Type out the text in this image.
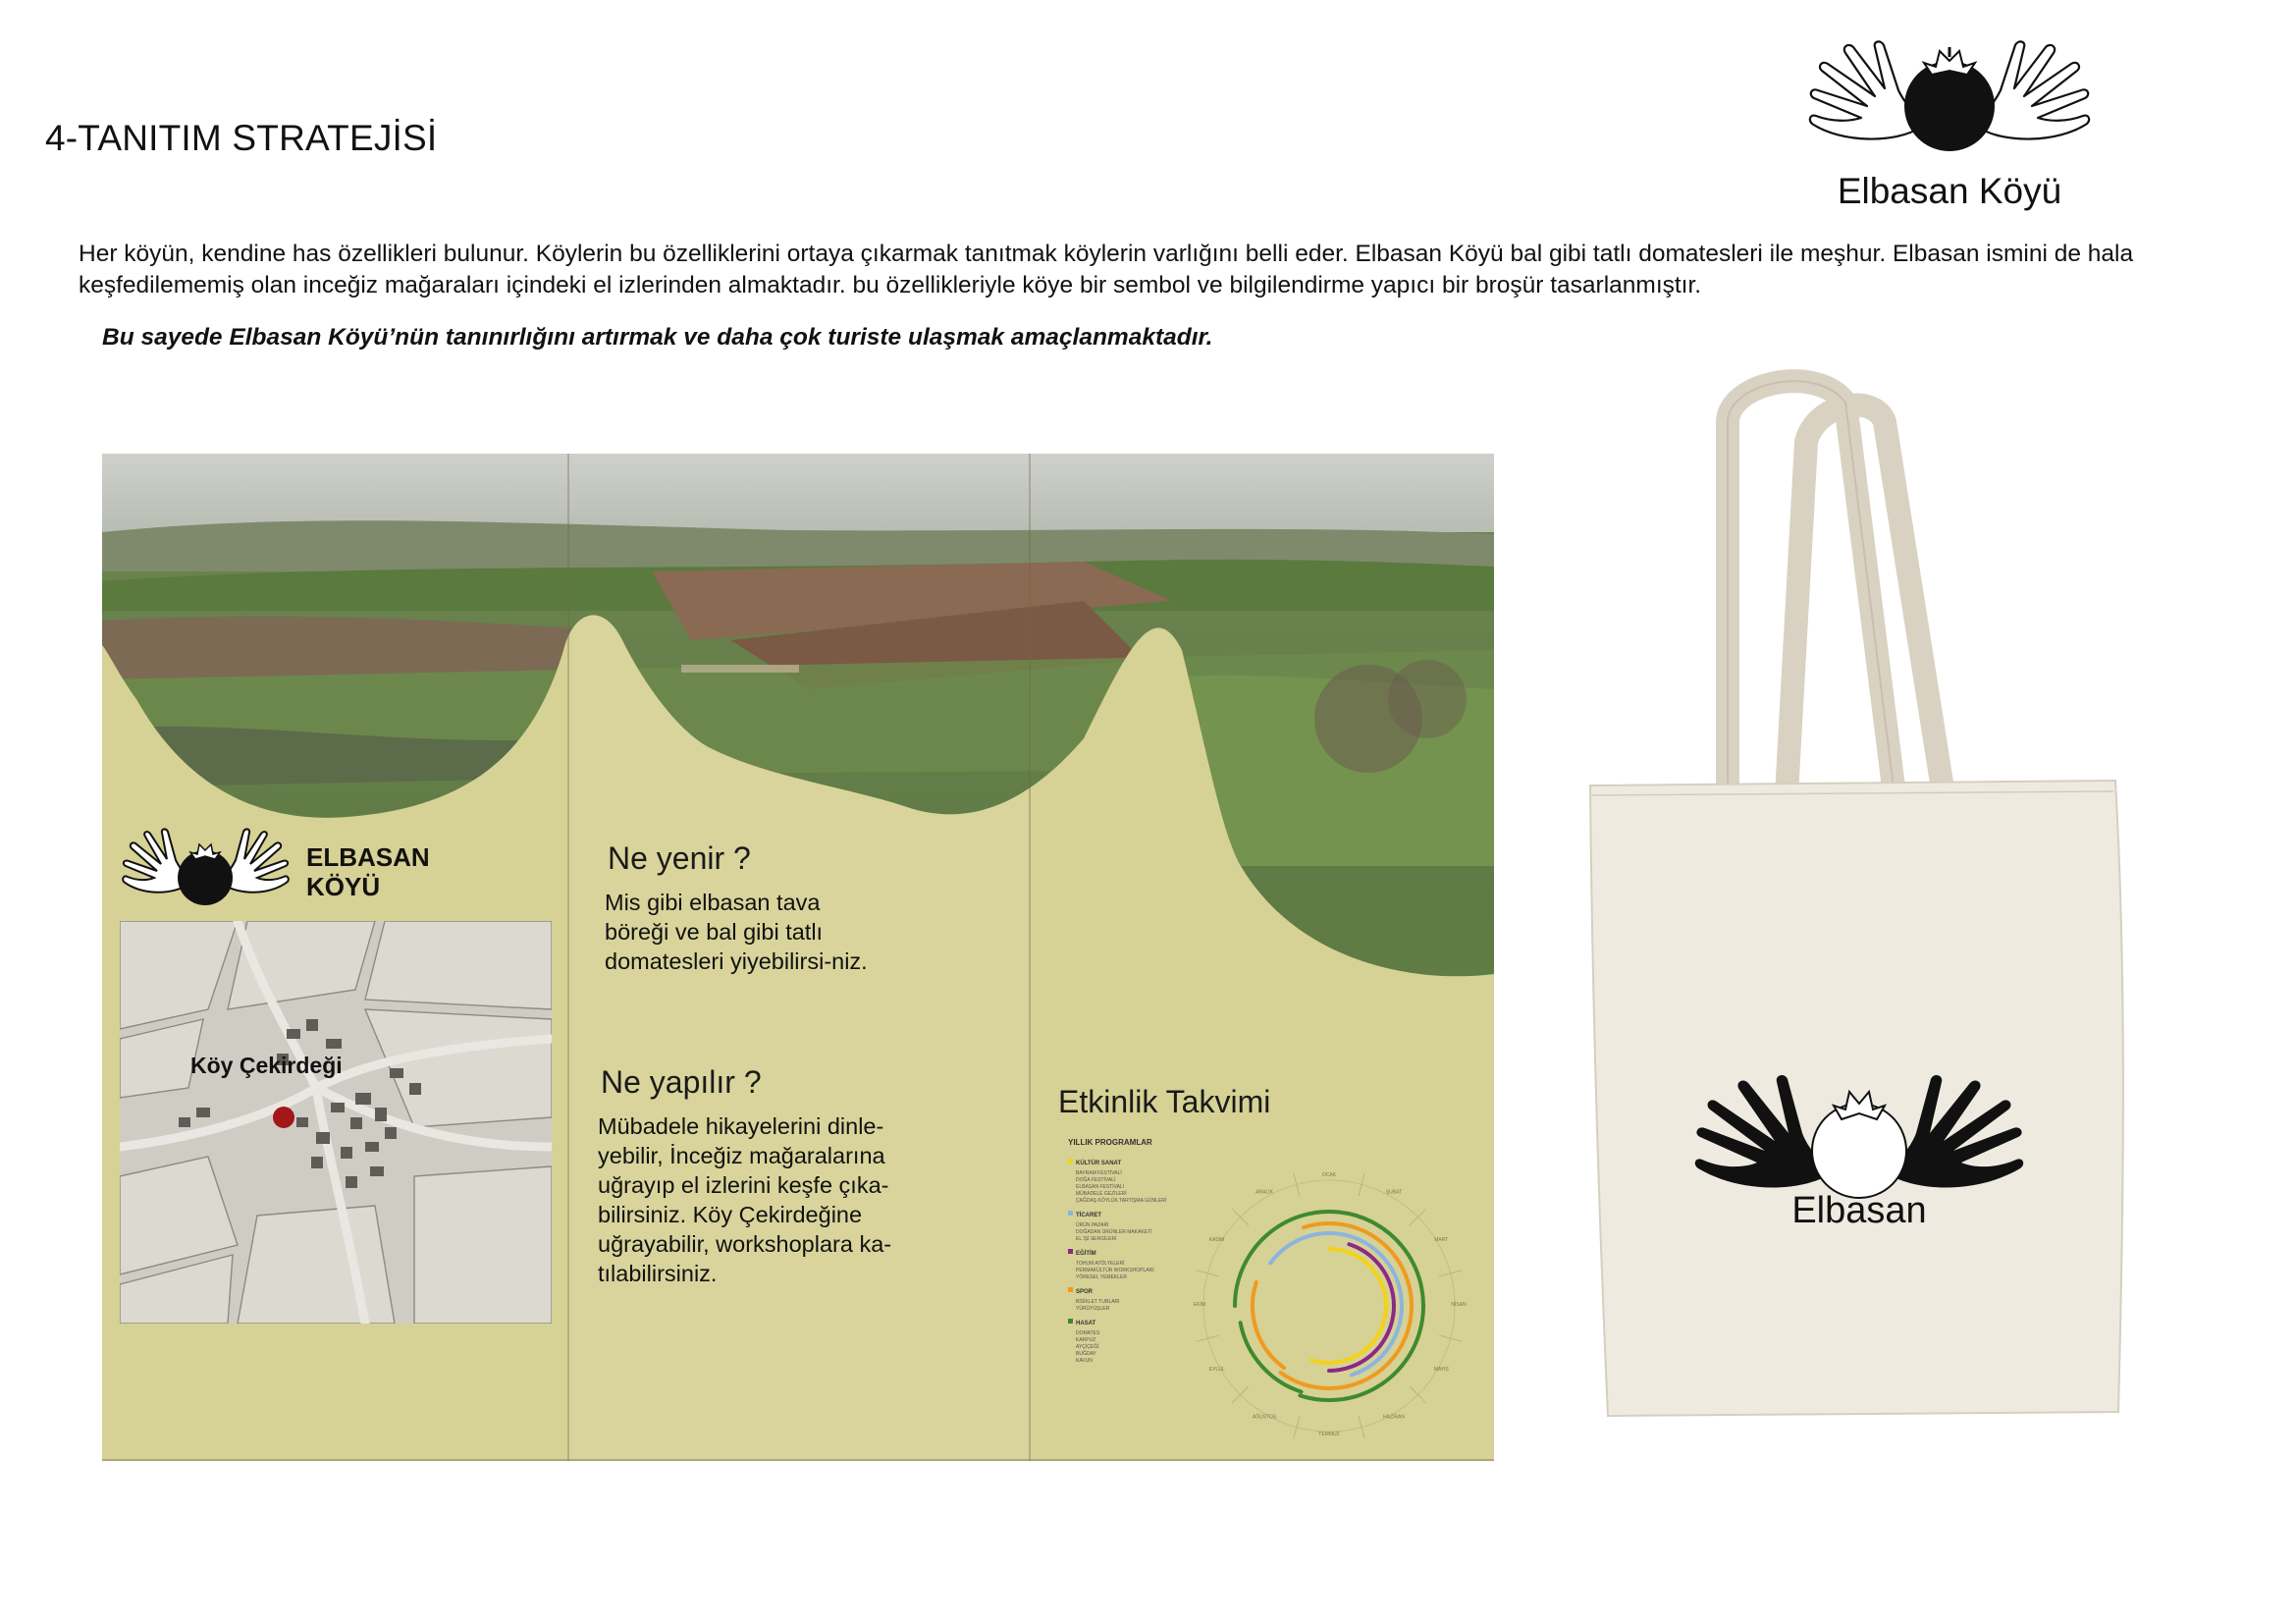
4-TANITIM STRATEJİSİ
Her köyün, kendine has özellikleri bulunur. Köylerin bu özelliklerini ortaya çıkarmak tanıtmak köylerin varlığını belli eder. Elbasan Köyü bal gibi tatlı domatesleri ile meşhur. Elbasan ismini de hala keşfedilememiş olan inceğiz mağaraları içindeki el izlerinden almaktadır. bu özellikleriyle köye bir sembol ve bilgilendirme yapıcı bir broşür tasarlanmıştır.
Bu sayede Elbasan Köyü’nün tanınırlığını artırmak ve daha çok turiste ulaşmak amaçlanmaktadır.
Elbasan Köyü
ELBASAN
KÖYÜ
Köy Çekirdeği
Ne yenir ?
Mis gibi elbasan tava böreği ve bal gibi tatlı domatesleri yiyebilirsi-niz.
Ne yapılır ?
Mübadele hikayelerini dinle-yebilir, İnceğiz mağaralarına uğrayıp el izlerini keşfe çıka-bilirsiniz. Köy Çekirdeğine uğrayabilir, workshoplara ka-tılabilirsiniz.
Etkinlik Takvimi
YILLIK PROGRAMLAR
KÜLTÜR SANAT
BAYRAM FESTİVALİ
DOĞA FESTİVALİ
ELBASAN FESTİVALİ
MÜBADELE GEZİLERİ
ÇAĞDAŞ KÖYLÜK TARTIŞMA GÜNLERİ
TİCARET
ÜRÜN PAZARI
DOĞADAN ÜRÜNLER MAKAKETİ
EL İŞİ SERGİLERİ
EĞİTİM
TOHUM ATÖLYELERİ
PERMAKÜLTÜR WORKSHOPLARI
YÖRESEL YEMEKLER
SPOR
BİSİKLET TURLARI
YÜRÜYÜŞLER
HASAT
DOMATES
KARPUZ
AYÇİÇEĞİ
BUĞDAY
KAVUN
OCAK
ŞUBAT
MART
NİSAN
MAYIS
HAZİRAN
TEMMUZ
AĞUSTOS
EYLÜL
EKİM
KASIM
ARALIK	Elbasan
